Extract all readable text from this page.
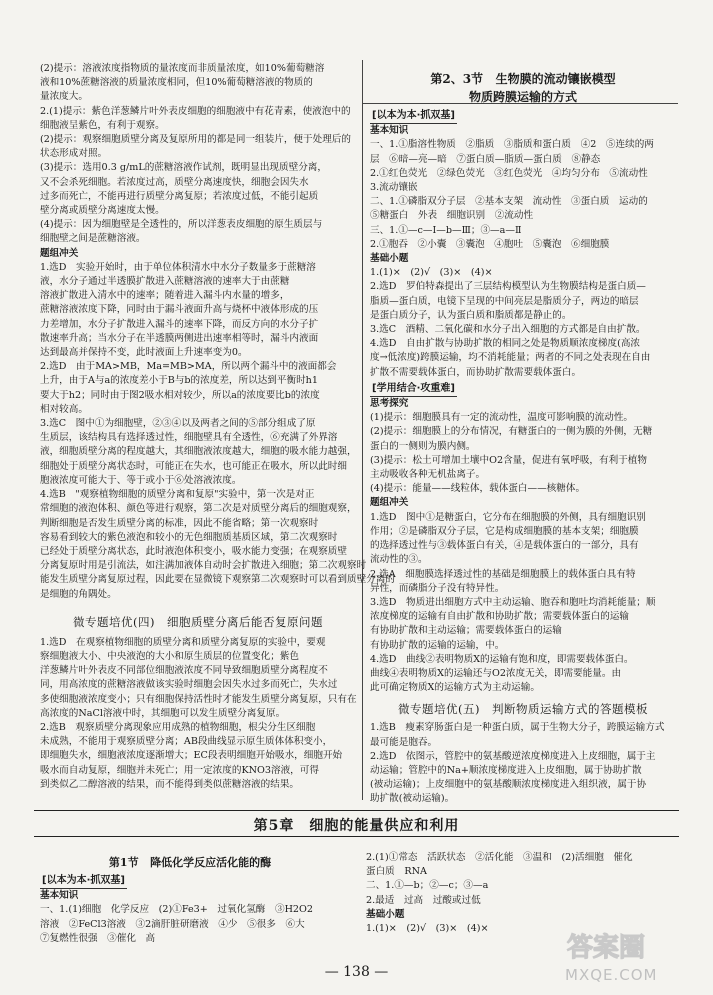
(2)提示：溶液浓度指物质的量浓度而非质量浓度，如10%葡萄糖溶
液和10%蔗糖溶液的质量浓度相同，但10%葡萄糖溶液的物质的
量浓度大。
2.(1)提示：紫色洋葱鳞片叶外表皮细胞的细胞液中有花青素，使液泡中的
细胞液呈紫色，有利于观察。
(2)提示：观察细胞质壁分离及复原所用的都是同一组装片，便于处理后的
状态形成对照。
(3)提示：选用0.3 g/mL的蔗糖溶液作试剂，既明显出现质壁分离，
又不会杀死细胞。若浓度过高，质壁分离速度快，细胞会因失水
过多而死亡，不能再进行质壁分离复原；若浓度过低，不能引起质
壁分离或质壁分离速度太慢。
(4)提示：因为细胞壁是全透性的，所以洋葱表皮细胞的原生质层与
细胞壁之间是蔗糖溶液。
题组冲关
1.选D　实验开始时，由于单位体积清水中水分子数量多于蔗糖溶
液，水分子通过半透膜扩散进入蔗糖溶液的速率大于由蔗糖
溶液扩散进入清水中的速率；随着进入漏斗内水量的增多，
蔗糖溶液浓度下降，同时由于漏斗液面升高与烧杯中液体形成的压
力差增加，水分子扩散进入漏斗的速率下降，而反方向的水分子扩
散速率升高；当水分子在半透膜两侧进出速率相等时，漏斗内液面
达到最高并保持不变，此时液面上升速率变为0。
2.选D　由于MA>MB，Ma=MB>MA，所以两个漏斗中的液面都会
上升，由于A与a的浓度差小于B与b的浓度差，所以达到平衡时h1
要大于h2；同时由于图2吸水相对较少，所以a的浓度要比b的浓度
相对较高。
3.选C　图中①为细胞壁，②③④以及两者之间的⑤部分组成了原
生质层，该结构具有选择透过性，细胞壁具有全透性，⑥充满了外界溶
液，细胞质壁分离的程度越大，其细胞液浓度越大，细胞的吸水能力越强，
细胞处于质壁分离状态时，可能正在失水，也可能正在吸水，所以此时细
胞液浓度可能大于、等于或小于⑥处溶液浓度。
4.选B　"观察植物细胞的质壁分离和复原"实验中，第一次是对正
常细胞的液泡体积、颜色等进行观察，第二次是对质壁分离后的细胞观察，
判断细胞是否发生质壁分离的标准，因此不能省略；第一次观察时
容易看到较大的紫色液泡和较小的无色细胞质基质区域，第二次观察时
已经处于质壁分离状态，此时液泡体积变小，吸水能力变强；在观察质壁
分离复原时用是引流法，如注满加液体自动时会扩散进入细胞；第二次观察时
能发生质壁分离复原过程，因此要在显微镜下观察第二次观察时可以看到质壁分离的
是细胞的角隅处。
微专题培优(四)　细胞质壁分离后能否复原问题
1.选D　在观察植物细胞的质壁分离和质壁分离复原的实验中，要观
察细胞液大小、中央液泡的大小和原生质层的位置变化；紫色
洋葱鳞片叶外表皮不同部位细胞液浓度不同导致细胞质壁分离程度不
同，用高浓度的蔗糖溶液做该实验时细胞会因失水过多而死亡，失水过
多使细胞液浓度变小；只有细胞保持活性时才能发生质壁分离复原，只有在
高浓度的NaCl溶液中时，其细胞可以发生质壁分离复原。
2.选B　观察质壁分离现象应用成熟的植物细胞，根尖分生区细胞
未成熟，不能用于观察质壁分离；AB段曲线显示原生质体体积变小，
即细胞失水，细胞液浓度逐渐增大；EC段表明细胞开始吸水，细胞开始
吸水而自动复原，细胞并未死亡；用一定浓度的KNO3溶液，可得
到类似乙二醇溶液的结果，而不能得到类似蔗糖溶液的结果。
第2、3节 生物膜的流动镶嵌模型
物质跨膜运输的方式
[以本为本·抓双基]
基本知识
一、1.①脂溶性物质　②脂质　③脂质和蛋白质　④2　⑤连续的两
层　⑥暗—亮—暗　⑦蛋白质—脂质—蛋白质　⑧静态
2.①红色荧光　②绿色荧光　③红色荧光　④均匀分布　⑤流动性
3.流动镶嵌
二、1.①磷脂双分子层　②基本支架　流动性　③蛋白质　运动的
⑤糖蛋白　外表　细胞识别　②流动性
三、1.①—c—Ⅰ—b—Ⅲ；③—a—Ⅱ
2.①胞吞　②小囊　③囊泡　④胞吐　⑤囊泡　⑥细胞膜
基础小题
1.(1)×　(2)√　(3)×　(4)×
2.选D　罗伯特森提出了三层结构模型认为生物膜结构是蛋白质—
脂质—蛋白质，电镜下呈现的中间亮层是脂质分子，两边的暗层
是蛋白质分子，认为蛋白质和脂质都是静止的。
3.选C　酒精、二氧化碳和水分子出入细胞的方式都是自由扩散。
4.选D　自由扩散与协助扩散的相同之处是物质顺浓度梯度(高浓
度→低浓度)跨膜运输，均不消耗能量；两者的不同之处表现在自由
扩散不需要载体蛋白，而协助扩散需要载体蛋白。
[学用结合·攻重难]
思考探究
(1)提示：细胞膜具有一定的流动性，温度可影响膜的流动性。
(2)提示：细胞膜上的分布情况，有糖蛋白的一侧为膜的外侧，无糖
蛋白的一侧则为膜内侧。
(3)提示：松土可增加土壤中O2含量，促进有氧呼吸，有利于植物
主动吸收各种无机盐离子。
(4)提示：能量——线粒体，载体蛋白——核糖体。
题组冲关
1.选D　图中①是糖蛋白，它分布在细胞膜的外侧，具有细胞识别
作用；②是磷脂双分子层，它是构成细胞膜的基本支架；细胞膜
的选择透过性与③载体蛋白有关，④是载体蛋白的一部分，具有
流动性的③。
2.选A　细胞膜选择透过性的基础是细胞膜上的载体蛋白具有特
异性，而磷脂分子没有特异性。
3.选D　物质进出细胞方式中主动运输、胞吞和胞吐均消耗能量；顺
浓度梯度的运输有自由扩散和协助扩散；需要载体蛋白的运输
有协助扩散和主动运输；需要载体蛋白的运输
有协助扩散的运输的运输，中。
4.选D　曲线②表明物质X的运输有饱和度，即需要载体蛋白。
曲线④表明物质X的运输还与O2浓度无关，即需要能量。由
此可确定物质X的运输方式为主动运输。
微专题培优(五)　判断物质运输方式的答题模板
1.选B　瘦素穿肠蛋白是一种蛋白质，属于生物大分子，跨膜运输方式
最可能是胞吞。
2.选D　依图示，管腔中的氨基酸逆浓度梯度进入上皮细胞，属于主
动运输；管腔中的Na+顺浓度梯度进入上皮细胞，属于协助扩散
(被动运输)；上皮细胞中的氨基酸顺浓度梯度进入组织液，属于协
助扩散(被动运输)。
第5章　细胞的能量供应和利用
第1节 降低化学反应活化能的酶
[以本为本·抓双基]
基本知识
一、1.(1)细胞　化学反应　(2)①Fe3+　过氧化氢酶　③H2O2
溶液　②FeCl3溶液　③2滴肝脏研磨液　④少　⑤很多　⑥大
⑦复燃性很强　③催化　高
2.(1)①常态　活跃状态　②活化能　③温和　(2)活细胞　催化
蛋白质　RNA
二、1.①—b；②—c；③—a
2.最适　过高　过酸或过低
基础小题
1.(1)×　(2)√　(3)×　(4)×
— 138 —
答案圈
MXQE.COM
